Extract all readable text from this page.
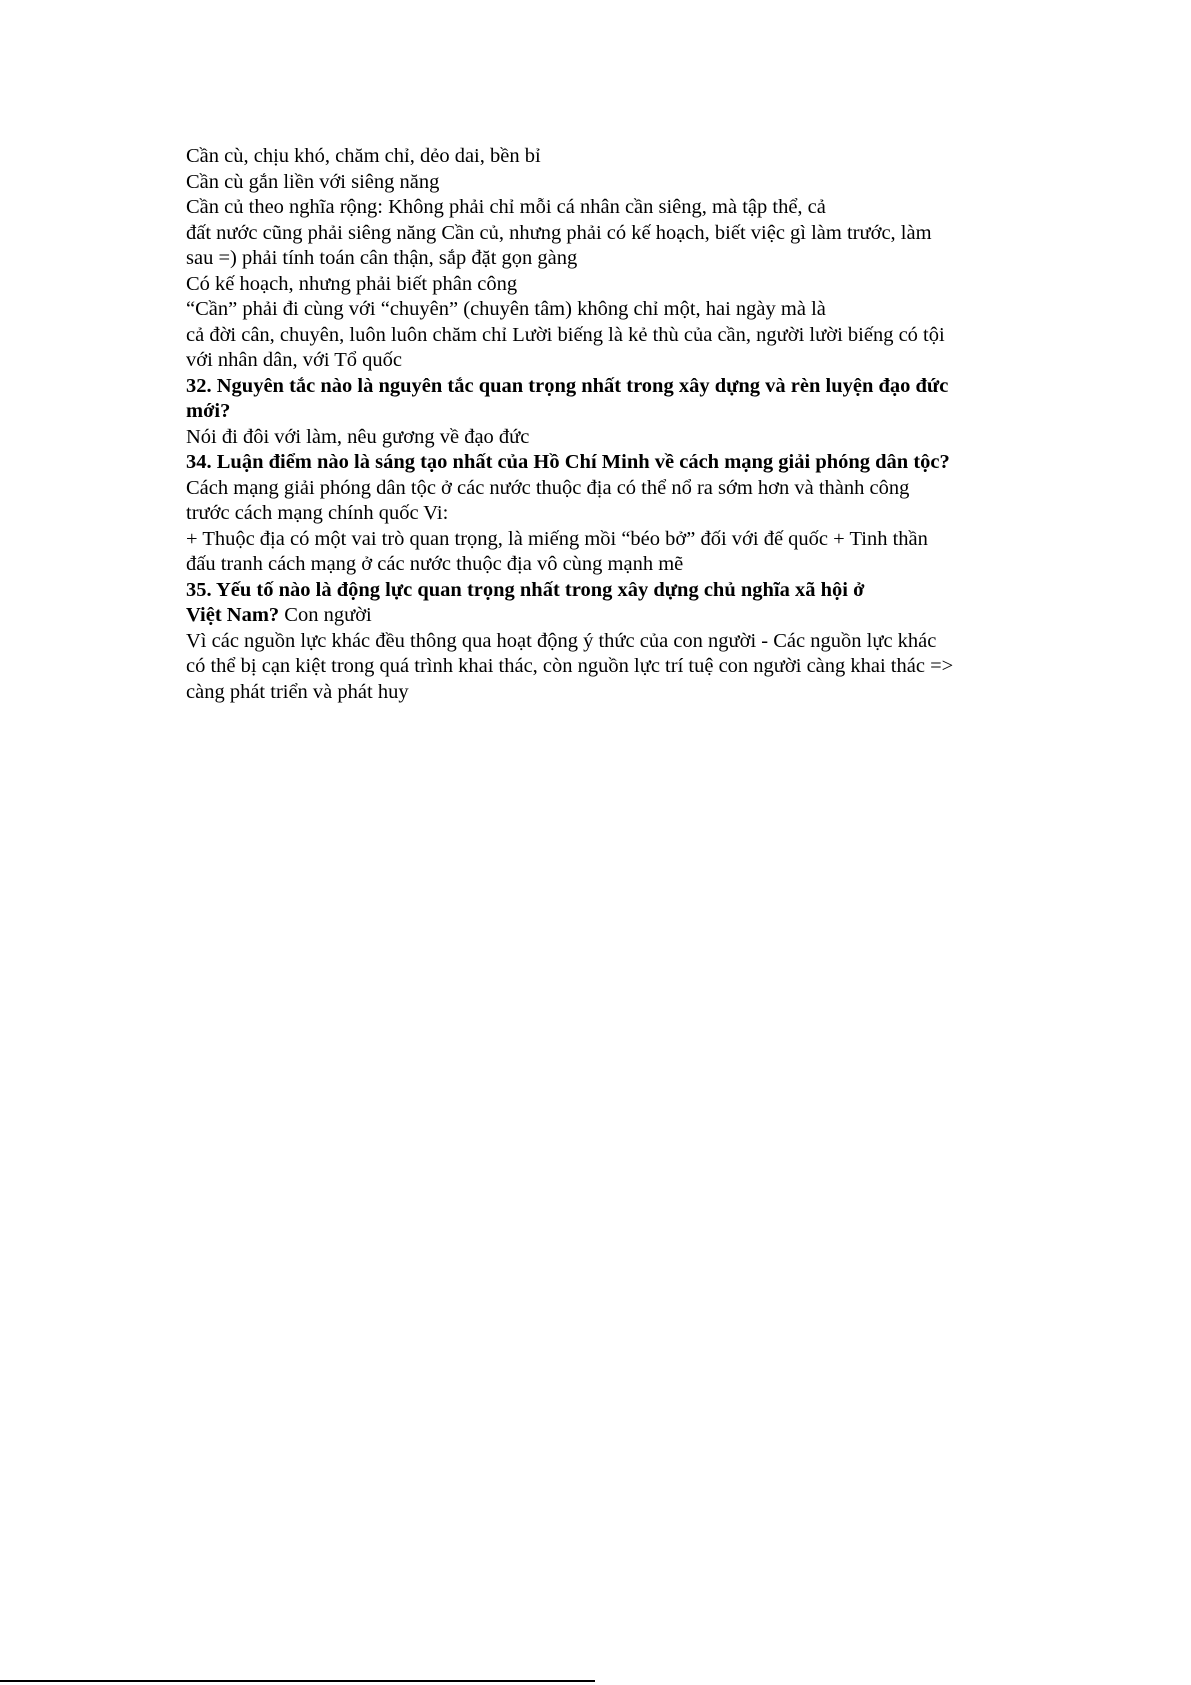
Cần cù, chịu khó, chăm chỉ, dẻo dai, bền bỉ
Cần cù gắn liền với siêng năng
Cần củ theo nghĩa rộng: Không phải chỉ mỗi cá nhân cần siêng, mà tập thể, cả
đất nước cũng phải siêng năng Cần củ, nhưng phải có kế hoạch, biết việc gì làm trước, làm
sau =) phải tính toán cân thận, sắp đặt gọn gàng
Có kế hoạch, nhưng phải biết phân công
“Cần” phải đi cùng với “chuyên” (chuyên tâm) không chỉ một, hai ngày mà là
cả đời cân, chuyên, luôn luôn chăm chỉ Lười biếng là kẻ thù của cần, người lười biếng có tội
với nhân dân, với Tổ quốc
32. Nguyên tắc nào là nguyên tắc quan trọng nhất trong xây dựng và rèn luyện đạo đức
mới?
Nói đi đôi với làm, nêu gương về đạo đức
34. Luận điểm nào là sáng tạo nhất của Hồ Chí Minh về cách mạng giải phóng dân tộc?
Cách mạng giải phóng dân tộc ở các nước thuộc địa có thể nổ ra sớm hơn và thành công
trước cách mạng chính quốc Vi:
+ Thuộc địa có một vai trò quan trọng, là miếng mồi “béo bở” đối với đế quốc + Tinh thần
đấu tranh cách mạng ở các nước thuộc địa vô cùng mạnh mẽ
35. Yếu tố nào là động lực quan trọng nhất trong xây dựng chủ nghĩa xã hội ở
Việt Nam? Con người
Vì các nguồn lực khác đều thông qua hoạt động ý thức của con người - Các nguồn lực khác
có thể bị cạn kiệt trong quá trình khai thác, còn nguồn lực trí tuệ con người càng khai thác =>
càng phát triển và phát huy
